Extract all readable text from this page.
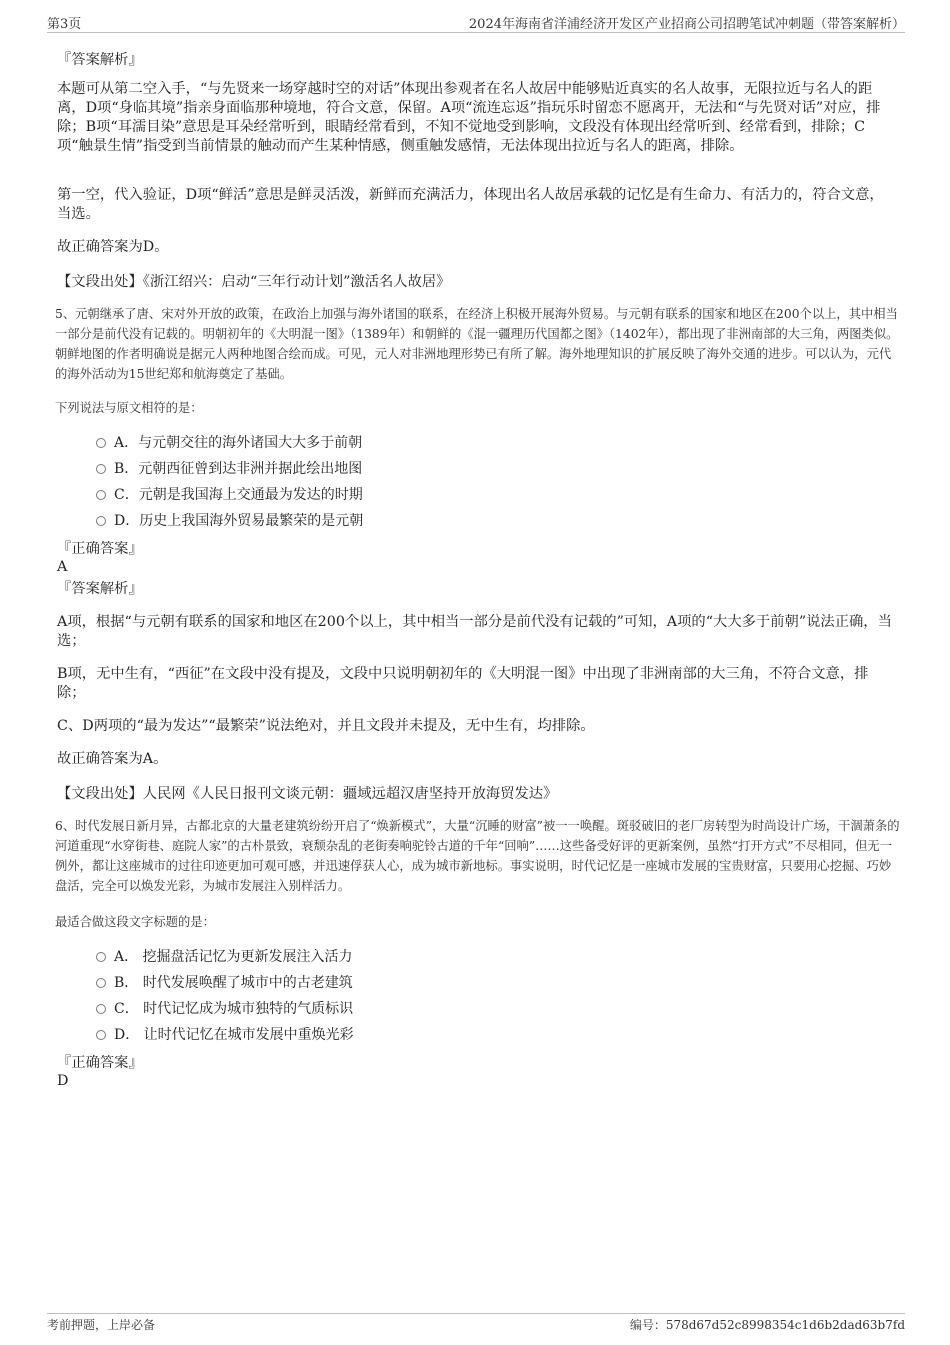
第3页	2024年海南省洋浦经济开发区产业招商公司招聘笔试冲刺题（带答案解析）
『答案解析』
本题可从第二空入手，“与先贤来一场穿越时空的对话”体现出参观者在名人故居中能够贴近真实的名人故事，无限拉近与名人的距离，D项“身临其境”指亲身面临那种境地，符合文意，保留。A项“流连忘返”指玩乐时留恋不愿离开，无法和“与先贤对话”对应，排除；B项“耳濡目染”意思是耳朵经常听到，眼睛经常看到，不知不觉地受到影响，文段没有体现出经常听到、经常看到，排除；C项“触景生情”指受到当前情景的触动而产生某种情感，侧重触发感情，无法体现出拉近与名人的距离，排除。
第一空，代入验证，D项“鲜活”意思是鲜灵活泼，新鲜而充满活力，体现出名人故居承载的记忆是有生命力、有活力的，符合文意，当选。
故正确答案为D。
【文段出处】《浙江绍兴：启动“三年行动计划”激活名人故居》
5、元朝继承了唐、宋对外开放的政策，在政治上加强与海外诸国的联系，在经济上积极开展海外贸易。与元朝有联系的国家和地区在200个以上，其中相当一部分是前代没有记载的。明朝初年的《大明混一图》（1389年）和朝鲜的《混一疆理历代国都之图》（1402年），都出现了非洲南部的大三角，两图类似。朝鲜地图的作者明确说是据元人两种地图合绘而成。可见，元人对非洲地理形势已有所了解。海外地理知识的扩展反映了海外交通的进步。可以认为，元代的海外活动为15世纪郑和航海奠定了基础。
下列说法与原文相符的是：
A．与元朝交往的海外诸国大大多于前朝
B．元朝西征曾到达非洲并据此绘出地图
C．元朝是我国海上交通最为发达的时期
D．历史上我国海外贸易最繁荣的是元朝
『正确答案』
A
『答案解析』
A项，根据“与元朝有联系的国家和地区在200个以上，其中相当一部分是前代没有记载的”可知，A项的“大大多于前朝”说法正确，当选；
B项，无中生有，“西征”在文段中没有提及，文段中只说明朝初年的《大明混一图》中出现了非洲南部的大三角，不符合文意，排除；
C、D两项的“最为发达”“最繁荣”说法绝对，并且文段并未提及，无中生有，均排除。
故正确答案为A。
【文段出处】人民网《人民日报刊文谈元朝：疆域远超汉唐坚持开放海贸发达》
6、时代发展日新月异，古都北京的大量老建筑纷纷开启了“焕新模式”，大量“沉睡的财富”被一一唤醒。斑驳破旧的老厂房转型为时尚设计广场，干涸萧条的河道重现“水穿街巷、庭院人家”的古朴景致，衰颓杂乱的老街奏响驼铃古道的千年“回响”……这些备受好评的更新案例，虽然“打开方式”不尽相同，但无一例外，都让这座城市的过往印迹更加可观可感，并迅速俘获人心，成为城市新地标。事实说明，时代记忆是一座城市发展的宝贵财富，只要用心挖掘、巧妙盘活，完全可以焕发光彩，为城市发展注入别样活力。
最适合做这段文字标题的是：
A． 挖掘盘活记忆为更新发展注入活力
B． 时代发展唤醒了城市中的古老建筑
C． 时代记忆成为城市独特的气质标识
D． 让时代记忆在城市发展中重焕光彩
『正确答案』
D
考前押题，上岸必备	编号：578d67d52c8998354c1d6b2dad63b7fd
